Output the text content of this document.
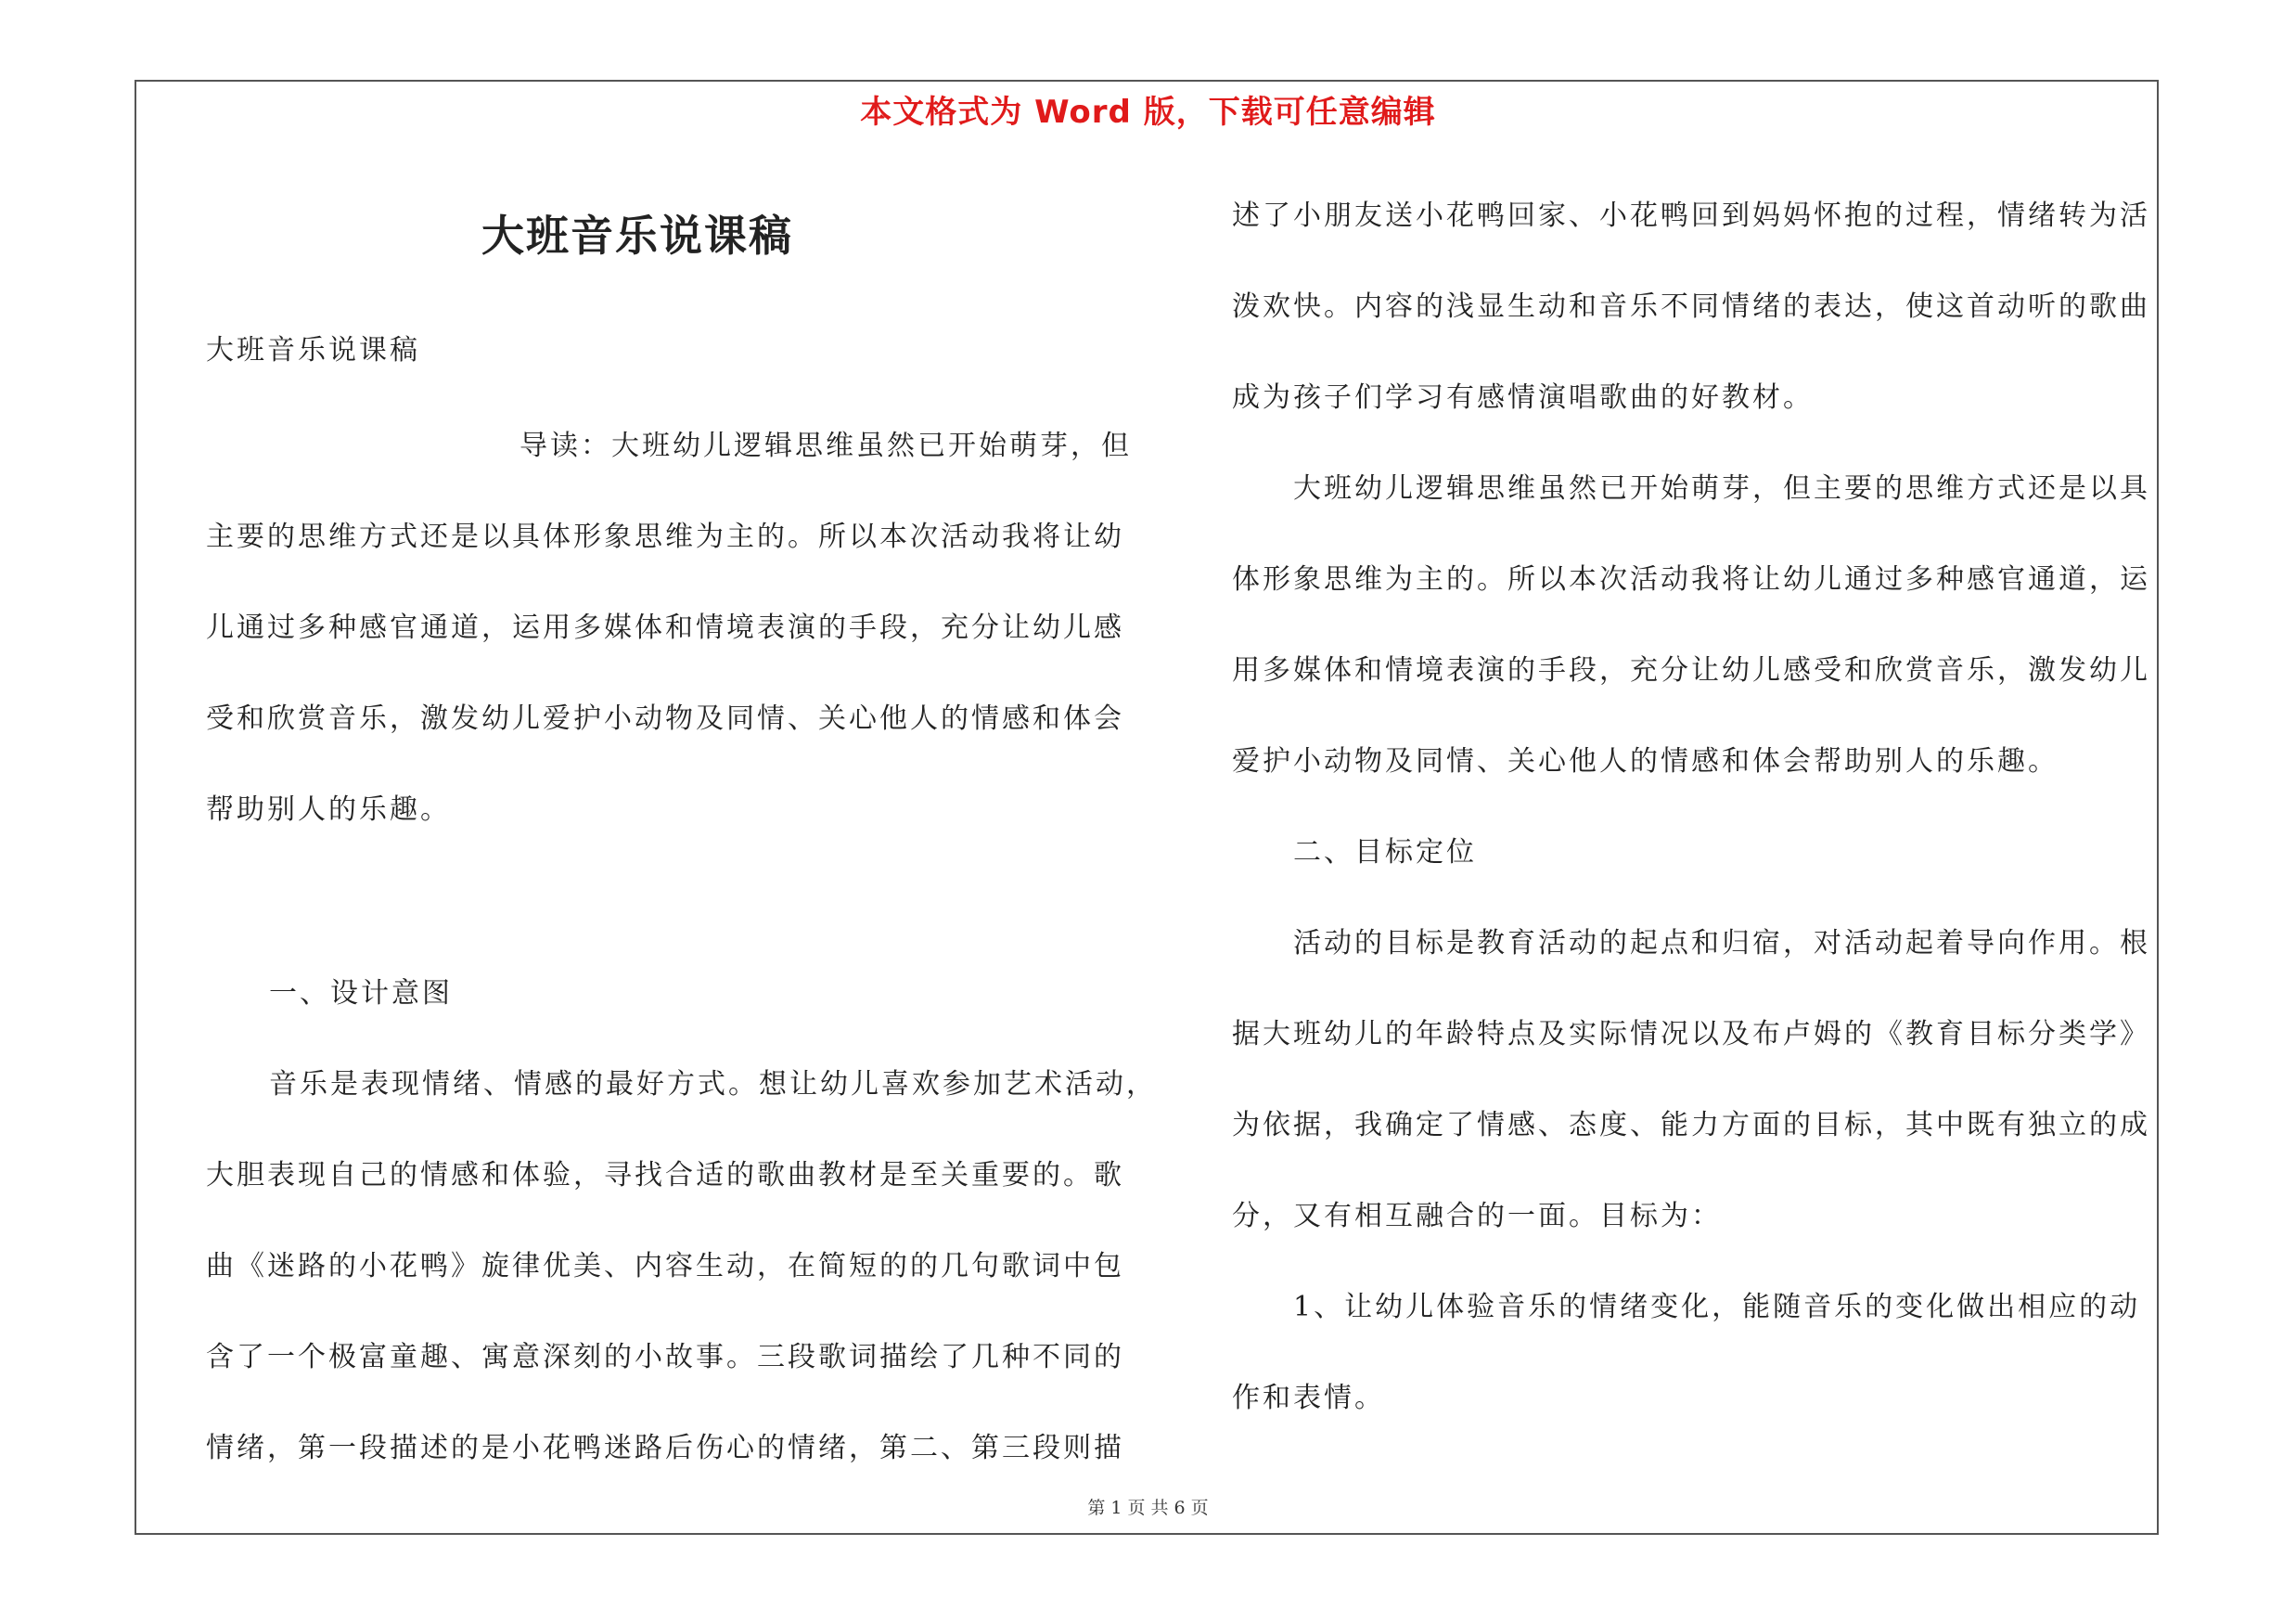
本文格式为 Word 版，下载可任意编辑
大班音乐说课稿
大班音乐说课稿
导读：大班幼儿逻辑思维虽然已开始萌芽，但
主要的思维方式还是以具体形象思维为主的。所以本次活动我将让幼
儿通过多种感官通道，运用多媒体和情境表演的手段，充分让幼儿感
受和欣赏音乐，激发幼儿爱护小动物及同情、关心他人的情感和体会
帮助别人的乐趣。
一、设计意图
音乐是表现情绪、情感的最好方式。想让幼儿喜欢参加艺术活动，
大胆表现自己的情感和体验，寻找合适的歌曲教材是至关重要的。歌
曲《迷路的小花鸭》旋律优美、内容生动，在简短的的几句歌词中包
含了一个极富童趣、寓意深刻的小故事。三段歌词描绘了几种不同的
情绪，第一段描述的是小花鸭迷路后伤心的情绪，第二、第三段则描
述了小朋友送小花鸭回家、小花鸭回到妈妈怀抱的过程，情绪转为活
泼欢快。内容的浅显生动和音乐不同情绪的表达，使这首动听的歌曲
成为孩子们学习有感情演唱歌曲的好教材。
大班幼儿逻辑思维虽然已开始萌芽，但主要的思维方式还是以具
体形象思维为主的。所以本次活动我将让幼儿通过多种感官通道，运
用多媒体和情境表演的手段，充分让幼儿感受和欣赏音乐，激发幼儿
爱护小动物及同情、关心他人的情感和体会帮助别人的乐趣。
二、目标定位
活动的目标是教育活动的起点和归宿，对活动起着导向作用。根
据大班幼儿的年龄特点及实际情况以及布卢姆的《教育目标分类学》
为依据，我确定了情感、态度、能力方面的目标，其中既有独立的成
分，又有相互融合的一面。目标为：
1、让幼儿体验音乐的情绪变化，能随音乐的变化做出相应的动
作和表情。
第 1 页 共 6 页
